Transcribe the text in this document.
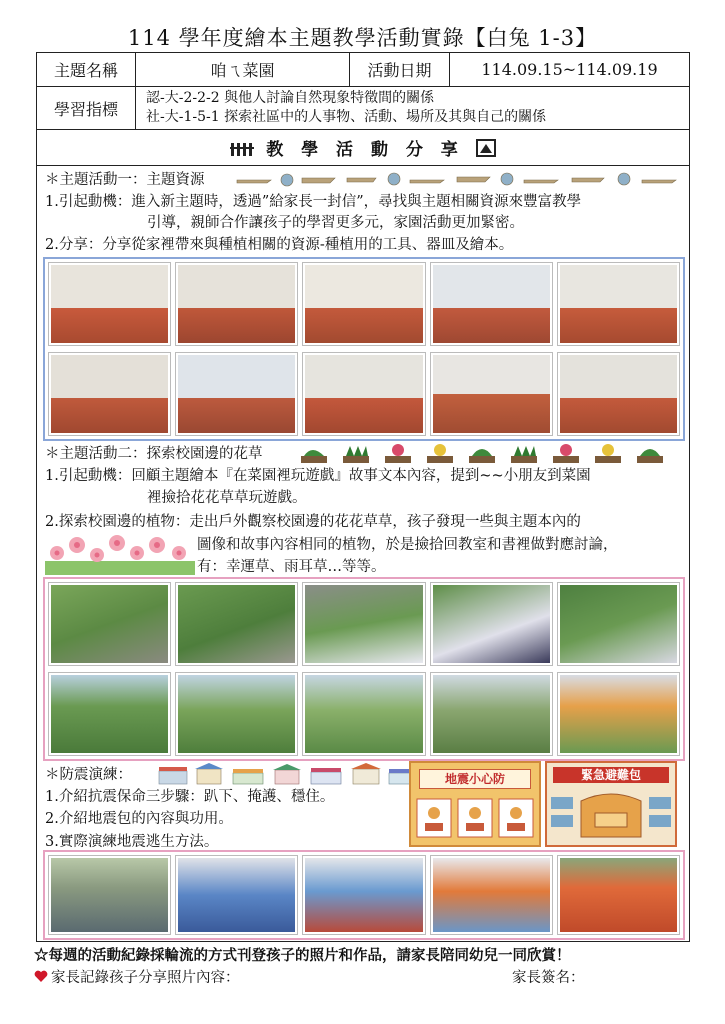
114 學年度繪本主題教學活動實錄【白兔 1-3】
主題名稱	咱ㄟ菜園	活動日期	114.09.15~114.09.19
學習指標
認-大-2-2-2 與他人討論自然現象特徵間的關係
社-大-1-5-1 探索社區中的人事物、活動、場所及其與自己的關係
教 學 活 動 分 享
＊主題活動一：主題資源
1.引起動機：進入新主題時，透過”給家長一封信”，尋找與主題相關資源來豐富教學
引導，親師合作讓孩子的學習更多元，家園活動更加緊密。
2.分享：分享從家裡帶來與種植相關的資源-種植用的工具、器皿及繪本。
＊主題活動二：探索校園邊的花草
1.引起動機：回顧主題繪本『在菜園裡玩遊戲』故事文本內容，提到~~小朋友到菜園
裡撿拾花花草草玩遊戲。
2.探索校園邊的植物：走出戶外觀察校園邊的花花草草，孩子發現一些與主題本內的
圖像和故事內容相同的植物，於是撿拾回教室和書裡做對應討論，
有：幸運草、雨耳草…等等。
＊防震演練：
1.介紹抗震保命三步驟：趴下、掩護、穩住。
2.介紹地震包的內容與功用。
3.實際演練地震逃生方法。
地震小心防	緊急避難包
☆每週的活動紀錄採輪流的方式刊登孩子的照片和作品，請家長陪同幼兒一同欣賞！
家長記錄孩子分享照片內容：	家長簽名：
